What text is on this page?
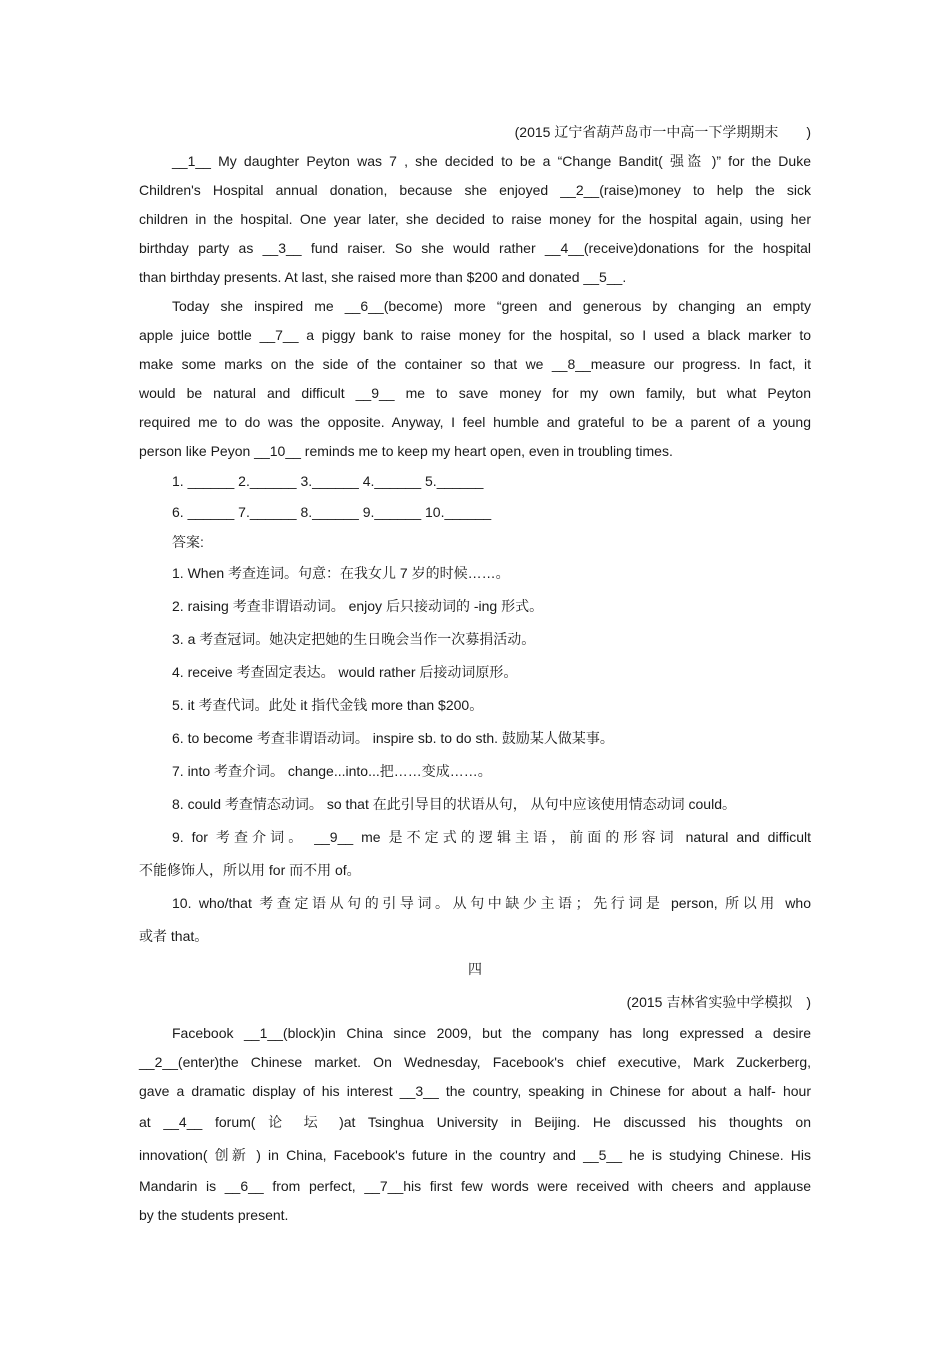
(2015 辽宁省葫芦岛市一中高一下学期期末　　)
__1__ My daughter Peyton was 7 , she decided to be a “Change Bandit( 强盗 )” for the Duke
Children's Hospital annual donation, because she enjoyed __2__(raise)money to help the sick
children in the hospital. One year later, she decided to raise money for the hospital again, using her
birthday party as __3__ fund raiser. So she would rather __4__(receive)donations for the hospital
than birthday presents. At last, she raised more than $200 and donated __5__.
Today she inspired me __6__(become) more “green and generous by changing an empty
apple juice bottle __7__ a piggy bank to raise money for the hospital, so I used a black marker to
make some marks on the side of the container so that we __8__measure our progress. In fact, it
would be natural and difficult __9__ me to save money for my own family, but what Peyton
required me to do was the opposite. Anyway, I feel humble and grateful to be a parent of a young
person like Peyon __10__ reminds me to keep my heart open, even in troubling times.
1. ______ 2.______ 3.______ 4.______ 5.______
6. ______ 7.______ 8.______ 9.______ 10.______
答案:
1. When 考查连词。句意：在我女儿 7 岁的时候……。
2. raising 考查非谓语动词。 enjoy 后只接动词的 -ing 形式。
3. a 考查冠词。她决定把她的生日晚会当作一次募捐活动。
4. receive 考查固定表达。 would rather 后接动词原形。
5. it 考查代词。此处 it 指代金钱 more than $200。
6. to become 考查非谓语动词。 inspire sb. to do sth. 鼓励某人做某事。
7. into 考查介词。 change...into...把……变成……。
8. could 考查情态动词。 so that 在此引导目的状语从句， 从句中应该使用情态动词 could。
9. for 考查介词。 __9__ me 是不定式的逻辑主语，前面的形容词 natural and difficult
不能修饰人，所以用 for 而不用 of。
10. who/that 考查定语从句的引导词。从句中缺少主语；先行词是 person, 所以用 who
或者 that。
四
(2015 吉林省实验中学模拟　)
Facebook __1__(block)in China since 2009, but the company has long expressed a desire
__2__(enter)the Chinese market. On Wednesday, Facebook's chief executive, Mark Zuckerberg,
gave a dramatic display of his interest __3__ the country, speaking in Chinese for about a half- hour
at __4__ forum( 论 坛 )at Tsinghua University in Beijing. He discussed his thoughts on
innovation( 创新 ) in China, Facebook's future in the country and __5__ he is studying Chinese. His
Mandarin is __6__ from perfect, __7__his first few words were received with cheers and applause
by the students present.
